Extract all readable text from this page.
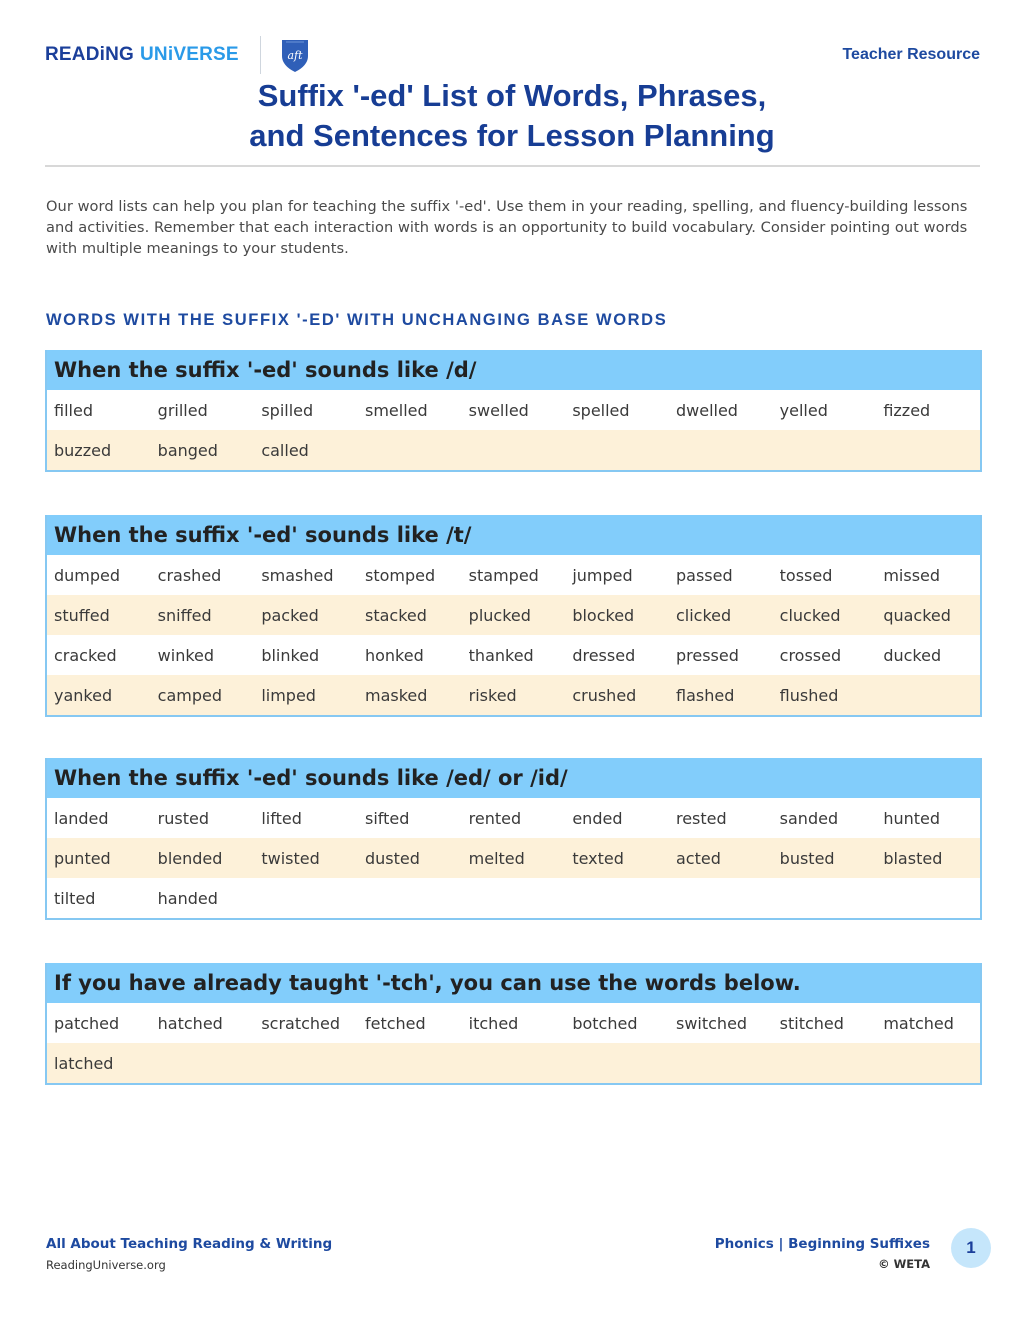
READiNG UNiVERSE	aft	Teacher Resource
Suffix '-ed' List of Words, Phrases,
and Sentences for Lesson Planning

Our word lists can help you plan for teaching the suffix '-ed'. Use them in your reading, spelling, and fluency-building lessons and activities. Remember that each interaction with words is an opportunity to build vocabulary. Consider pointing out words with multiple meanings to your students.

WORDS WITH THE SUFFIX '-ED' WITH UNCHANGING BASE WORDS
When the suffix '-ed' sounds like /d/
filled	grilled	spilled	smelled	swelled	spelled	dwelled	yelled	fizzed
buzzed	banged	called
When the suffix '-ed' sounds like /t/
dumped	crashed	smashed	stomped	stamped	jumped	passed	tossed	missed
stuffed	sniffed	packed	stacked	plucked	blocked	clicked	clucked	quacked
cracked	winked	blinked	honked	thanked	dressed	pressed	crossed	ducked
yanked	camped	limped	masked	risked	crushed	flashed	flushed
When the suffix '-ed' sounds like /ed/ or /id/
landed	rusted	lifted	sifted	rented	ended	rested	sanded	hunted
punted	blended	twisted	dusted	melted	texted	acted	busted	blasted
tilted	handed
If you have already taught '-tch', you can use the words below.
patched	hatched	scratched	fetched	itched	botched	switched	stitched	matched
latched
All About Teaching Reading & Writing
ReadingUniverse.org
Phonics | Beginning Suffixes
© WETA
1
